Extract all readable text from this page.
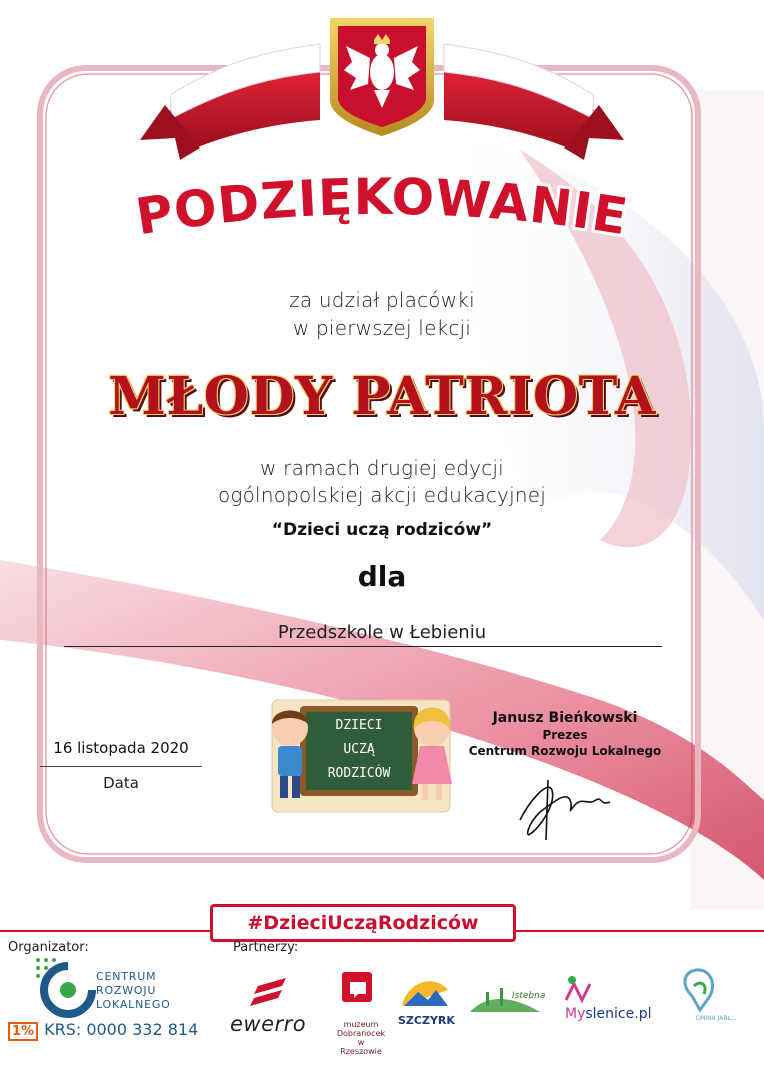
PODZIĘKOWANIE
za udział placówki
w pierwszej lekcji
MŁODY PATRIOTA
w ramach drugiej edycji
ogólnopolskiej akcji edukacyjnej
“Dzieci uczą rodziców”
dla
Przedszkole w Łebieniu
DZIECI
UCZĄ
RODZICÓW
16 listopada 2020
Data
Janusz Bieńkowski
Prezes
Centrum Rozwoju Lokalnego
#DzieciUcząRodziców
Organizator:	Partnerzy:
CENTRUM
ROZWOJU
LOKALNEGO
1% KRS: 0000 332 814 ewerro	muzeum Dobranocek w Rzeszowie
SZCZYRK
Istebna
Myslenice.pl	GMINA JABŁ...
